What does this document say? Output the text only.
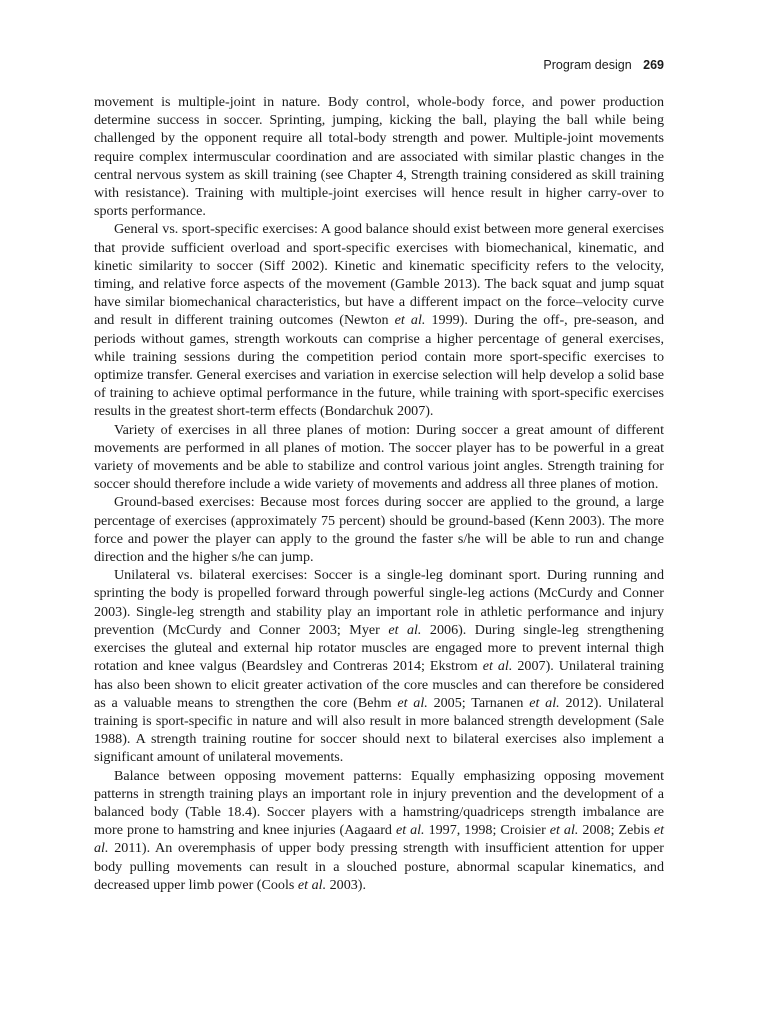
Program design 269

movement is multiple-joint in nature. Body control, whole-body force, and power production determine success in soccer. Sprinting, jumping, kicking the ball, playing the ball while being challenged by the opponent require all total-body strength and power. Multiple-joint movements require complex intermuscular coordination and are associated with similar plastic changes in the central nervous system as skill training (see Chapter 4, Strength training considered as skill training with resistance). Training with multiple-joint exercises will hence result in higher carry-over to sports performance.

General vs. sport-specific exercises: A good balance should exist between more general exercises that provide sufficient overload and sport-specific exercises with biomechanical, kinematic, and kinetic similarity to soccer (Siff 2002). Kinetic and kinematic specificity refers to the velocity, timing, and relative force aspects of the movement (Gamble 2013). The back squat and jump squat have similar biomechanical characteristics, but have a different impact on the force–velocity curve and result in different training outcomes (Newton et al. 1999). During the off-, pre-season, and periods without games, strength workouts can comprise a higher percentage of general exercises, while training sessions during the competition period contain more sport-specific exercises to optimize transfer. General exercises and variation in exercise selection will help develop a solid base of training to achieve optimal performance in the future, while training with sport-specific exercises results in the greatest short-term effects (Bondarchuk 2007).

Variety of exercises in all three planes of motion: During soccer a great amount of different movements are performed in all planes of motion. The soccer player has to be powerful in a great variety of movements and be able to stabilize and control various joint angles. Strength training for soccer should therefore include a wide variety of movements and address all three planes of motion.

Ground-based exercises: Because most forces during soccer are applied to the ground, a large percentage of exercises (approximately 75 percent) should be ground-based (Kenn 2003). The more force and power the player can apply to the ground the faster s/he will be able to run and change direction and the higher s/he can jump.

Unilateral vs. bilateral exercises: Soccer is a single-leg dominant sport. During running and sprinting the body is propelled forward through powerful single-leg actions (McCurdy and Conner 2003). Single-leg strength and stability play an important role in athletic performance and injury prevention (McCurdy and Conner 2003; Myer et al. 2006). During single-leg strengthening exercises the gluteal and external hip rotator muscles are engaged more to prevent internal thigh rotation and knee valgus (Beardsley and Contreras 2014; Ekstrom et al. 2007). Unilateral training has also been shown to elicit greater activation of the core muscles and can therefore be considered as a valuable means to strengthen the core (Behm et al. 2005; Tarnanen et al. 2012). Unilateral training is sport-specific in nature and will also result in more balanced strength development (Sale 1988). A strength training routine for soccer should next to bilateral exercises also implement a significant amount of unilateral movements.

Balance between opposing movement patterns: Equally emphasizing opposing movement patterns in strength training plays an important role in injury prevention and the development of a balanced body (Table 18.4). Soccer players with a hamstring/quadriceps strength imbalance are more prone to hamstring and knee injuries (Aagaard et al. 1997, 1998; Croisier et al. 2008; Zebis et al. 2011). An overemphasis of upper body pressing strength with insufficient attention for upper body pulling movements can result in a slouched posture, abnormal scapular kinematics, and decreased upper limb power (Cools et al. 2003).
